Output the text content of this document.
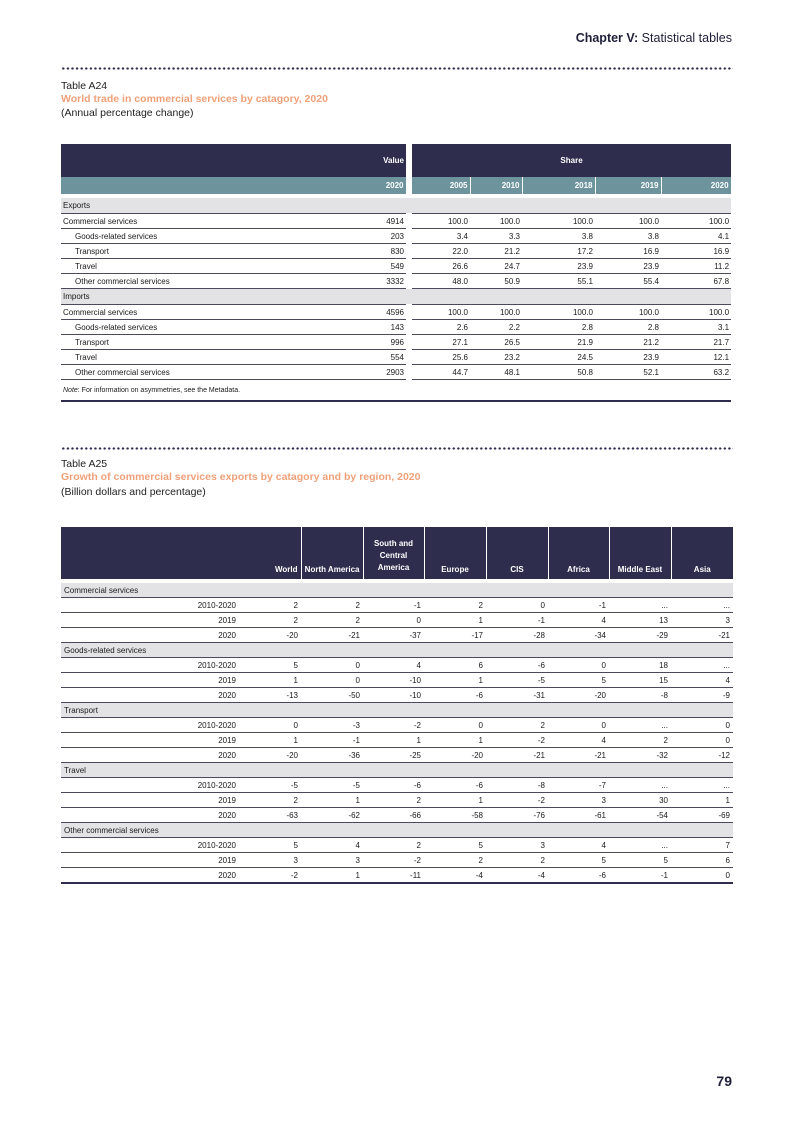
Chapter V: Statistical tables
Table A24
World trade in commercial services by catagory, 2020
(Annual percentage change)
	Value		Share				
	2020		2005	2010	2018	2019	2020

Exports							
Commercial services	4914		100.0	100.0	100.0	100.0	100.0
Goods-related services	203		3.4	3.3	3.8	3.8	4.1
Transport	830		22.0	21.2	17.2	16.9	16.9
Travel	549		26.6	24.7	23.9	23.9	11.2
Other commercial services	3332		48.0	50.9	55.1	55.4	67.8
Imports							
Commercial services	4596		100.0	100.0	100.0	100.0	100.0
Goods-related services	143		2.6	2.2	2.8	2.8	3.1
Transport	996		27.1	26.5	21.9	21.2	21.7
Travel	554		25.6	23.2	24.5	23.9	12.1
Other commercial services	2903		44.7	48.1	50.8	52.1	63.2
Note: For information on asymmetries, see the Metadata.							
Table A25
Growth of commercial services exports by catagory and by region, 2020
(Billion dollars and percentage)
	World	North America	South and Central America	Europe	CIS	Africa	Middle East	Asia

Commercial services								
2010-2020	2	2	-1	2	0	-1	...	...
2019	2	2	0	1	-1	4	13	3
2020	-20	-21	-37	-17	-28	-34	-29	-21
Goods-related services								
2010-2020	5	0	4	6	-6	0	18	...
2019	1	0	-10	1	-5	5	15	4
2020	-13	-50	-10	-6	-31	-20	-8	-9
Transport								
2010-2020	0	-3	-2	0	2	0	...	0
2019	1	-1	1	1	-2	4	2	0
2020	-20	-36	-25	-20	-21	-21	-32	-12
Travel								
2010-2020	-5	-5	-6	-6	-8	-7	...	...
2019	2	1	2	1	-2	3	30	1
2020	-63	-62	-66	-58	-76	-61	-54	-69
Other commercial services								
2010-2020	5	4	2	5	3	4	...	7
2019	3	3	-2	2	2	5	5	6
2020	-2	1	-11	-4	-4	-6	-1	0
79
